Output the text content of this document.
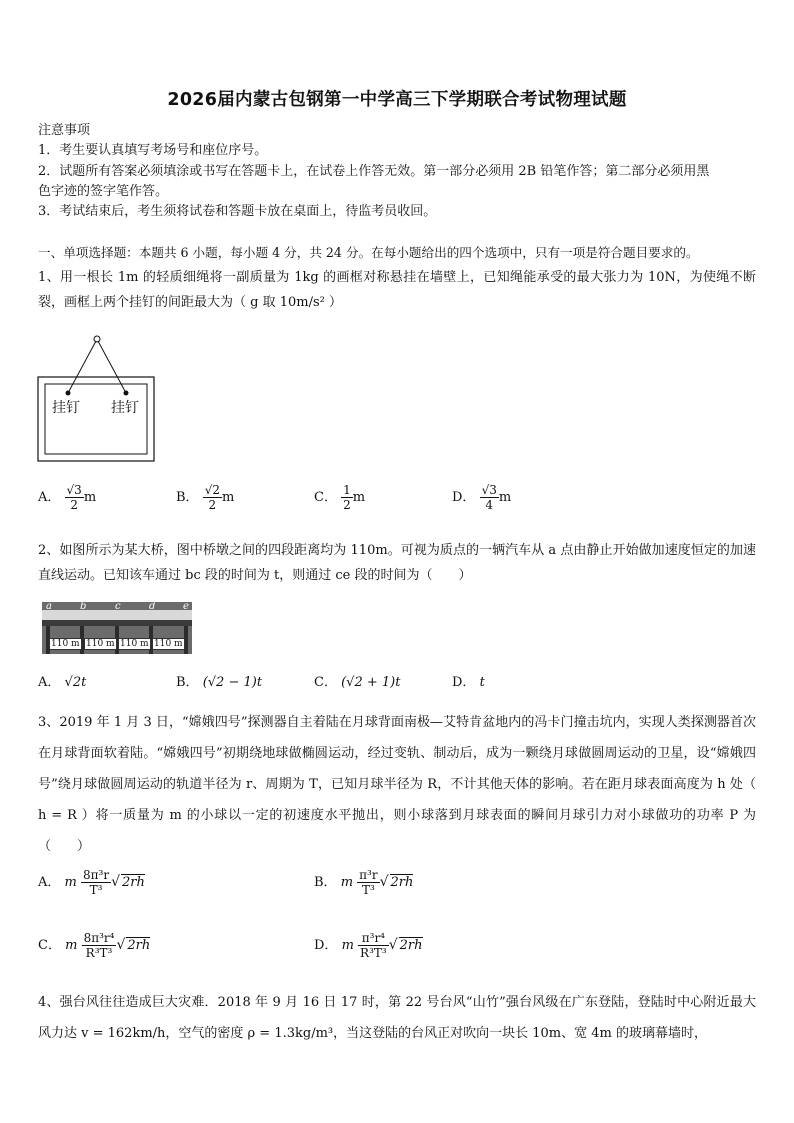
2026届内蒙古包钢第一中学高三下学期联合考试物理试题
注意事项
1．考生要认真填写考场号和座位序号。
2．试题所有答案必须填涂或书写在答题卡上，在试卷上作答无效。第一部分必须用 2B 铅笔作答；第二部分必须用黑
色字迹的签字笔作答。
3．考试结束后，考生须将试卷和答题卡放在桌面上，待监考员收回。
一、单项选择题：本题共 6 小题，每小题 4 分，共 24 分。在每小题给出的四个选项中，只有一项是符合题目要求的。
1、用一根长 1m 的轻质细绳将一副质量为 1kg 的画框对称悬挂在墙壁上，已知绳能承受的最大张力为 10N，为使绳不断裂，画框上两个挂钉的间距最大为（ g 取 10m/s² ）
挂钉 挂钉
A． $\frac{√3}{2}$ m	B． $\frac{√2}{2}$ m	C． $\frac{1}{2}$ m	D． $\frac{√3}{4}$ m
2、如图所示为某大桥，图中桥墩之间的四段距离均为 110m。可视为质点的一辆汽车从 a 点由静止开始做加速度恒定的加速直线运动。已知该车通过 bc 段的时间为 t，则通过 ce 段的时间为（　　）
a	b	c	d	e
110 m 110 m 110 m 110 m
A． √2t	B． (√2 − 1)t	C． (√2 + 1)t	D． t
3、2019 年 1 月 3 日，“嫦娥四号”探测器自主着陆在月球背面南极—艾特肯盆地内的冯卡门撞击坑内，实现人类探测器首次在月球背面软着陆。“嫦娥四号”初期绕地球做椭圆运动，经过变轨、制动后，成为一颗绕月球做圆周运动的卫星，设“嫦娥四号”绕月球做圆周运动的轨道半径为 r、周期为 T，已知月球半径为 R，不计其他天体的影响。若在距月球表面高度为 h 处（ h = R ）将一质量为 m 的小球以一定的初速度水平抛出，则小球落到月球表面的瞬间月球引力对小球做功的功率 P 为（　　）
A． m $\frac{\text{8π³r}}{\text{T³}}$ √ 2rh	B． m $\frac{\text{π³r}}{\text{T³}}$ √ 2rh
C． m $\frac{\text{8π³r⁴}}{\text{R³T³}}$ √ 2rh	D． m $\frac{\text{π³r⁴}}{\text{R³T³}}$ √ 2rh
4、强台风往往造成巨大灾难．2018 年 9 月 16 日 17 时，第 22 号台风“山竹”强台风级在广东登陆，登陆时中心附近最大风力达 v = 162km/h，空气的密度 ρ = 1.3kg/m³，当这登陆的台风正对吹向一块长 10m、宽 4m 的玻璃幕墙时，
